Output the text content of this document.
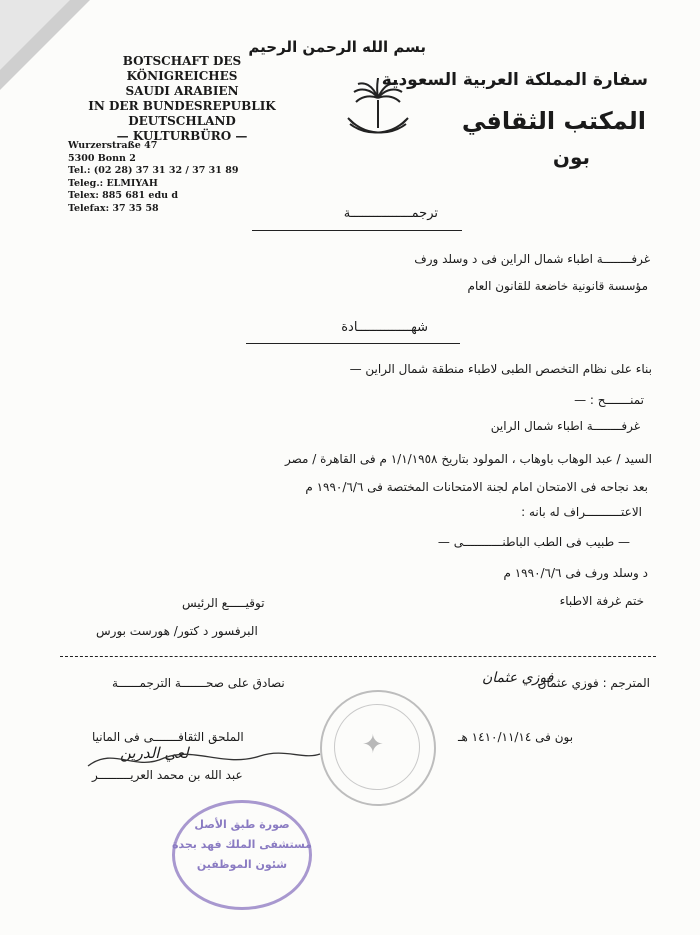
BOTSCHAFT DES KÖNIGREICHES
SAUDI ARABIEN
IN DER BUNDESREPUBLIK
DEUTSCHLAND
— KULTURBÜRO —
Wurzerstraße 47
5300 Bonn 2
Tel.: (02 28) 37 31 32 / 37 31 89
Teleg.: ELMIYAH
Telex: 885 681 edu d
Telefax: 37 35 58
بسم الله الرحمن الرحيم
سفارة المملكة العربية السعودية
المكتب الثقافي
بون
ترجمــــــــــــــــة
غرفــــــــة اطباء شمال الراين فى د وسلد ورف
مؤسسة قانونية خاضعة للقانون العام
شهــــــــــــــادة
بناء على نظام التخصص الطبى لاطباء منطقة شمال الراين —
تمنـــــــح : —
غرفــــــــة اطباء شمال الراين
السيد / عبد الوهاب باوهاب ، المولود بتاريخ ١/١/١٩٥٨ م فى القاهرة / مصر
بعد نجاحه فى الامتحان امام لجنة الامتحانات المختصة فى ١٩٩٠/٦/٦ م
الاعتــــــــــراف له بانه :
— طبيب فى الطب الباطنـــــــــــى —
د وسلد ورف فى ١٩٩٠/٦/٦ م
ختم غرفة الاطباء
توقيـــــع الرئيس
البرفسور د كتور/ هورست بورس
المترجم : فوزي عثمان
فوزي عثمان
نصادق على صحـــــــة الترجمــــــة
✦	بون فى ١٤١٠/١١/١٤ هـ
الملحق الثقافـــــــى فى المانيا
لعي الدرين
عبد الله بن محمد العريـــــــــر
صورة طبق الأصل
مستشفى الملك فهد بجدة
شئون الموظفين
